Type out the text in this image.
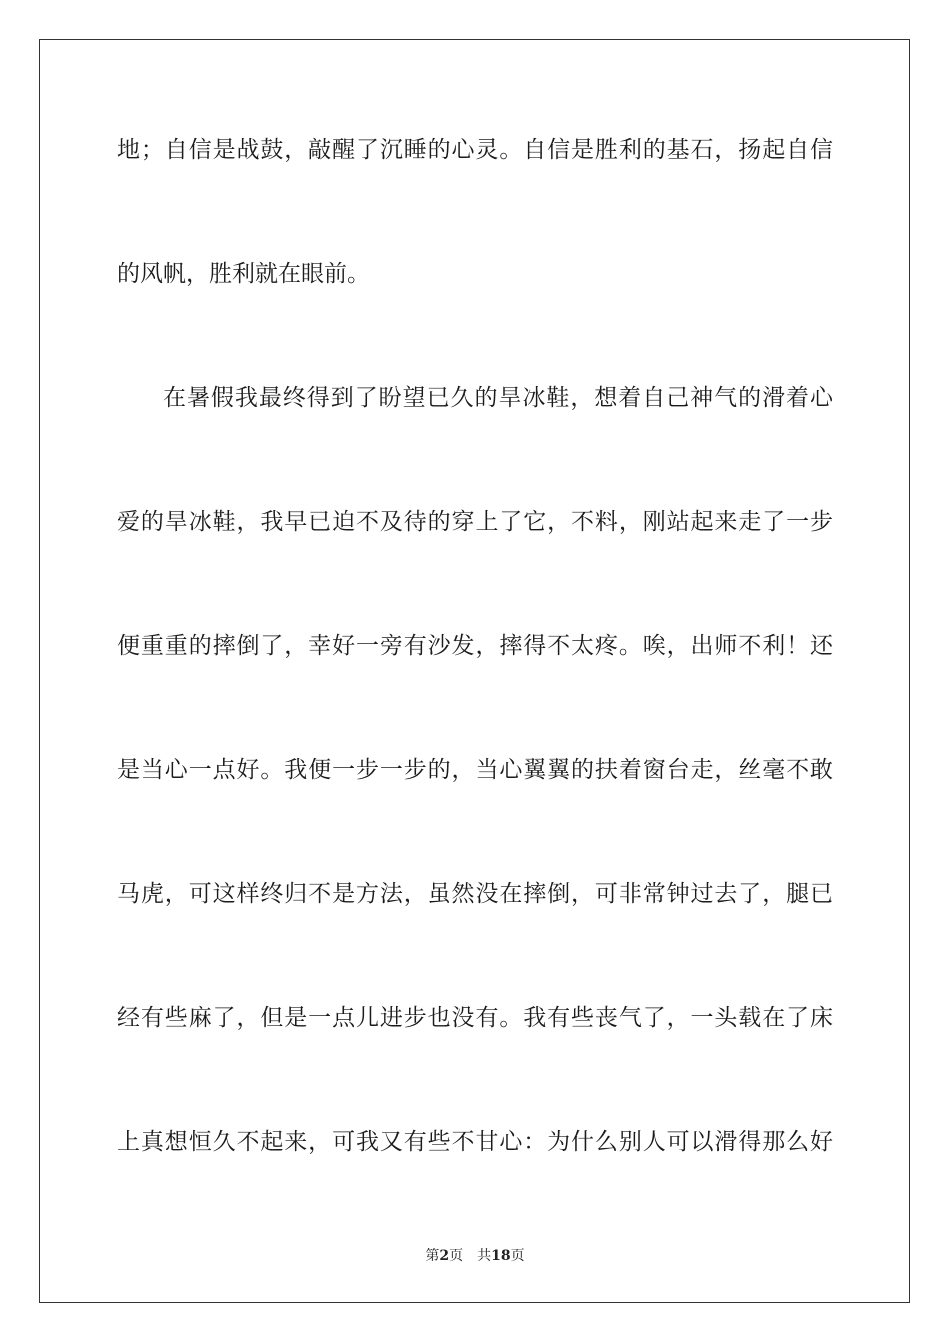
地；自信是战鼓，敲醒了沉睡的心灵。自信是胜利的基石，扬起自信
的风帆，胜利就在眼前。
在暑假我最终得到了盼望已久的旱冰鞋，想着自己神气的滑着心
爱的旱冰鞋，我早已迫不及待的穿上了它，不料，刚站起来走了一步
便重重的摔倒了，幸好一旁有沙发，摔得不太疼。唉，出师不利！还
是当心一点好。我便一步一步的，当心翼翼的扶着窗台走，丝毫不敢
马虎，可这样终归不是方法，虽然没在摔倒，可非常钟过去了，腿已
经有些麻了，但是一点儿进步也没有。我有些丧气了，一头载在了床
上真想恒久不起来，可我又有些不甘心：为什么别人可以滑得那么好
第2页 共18页
